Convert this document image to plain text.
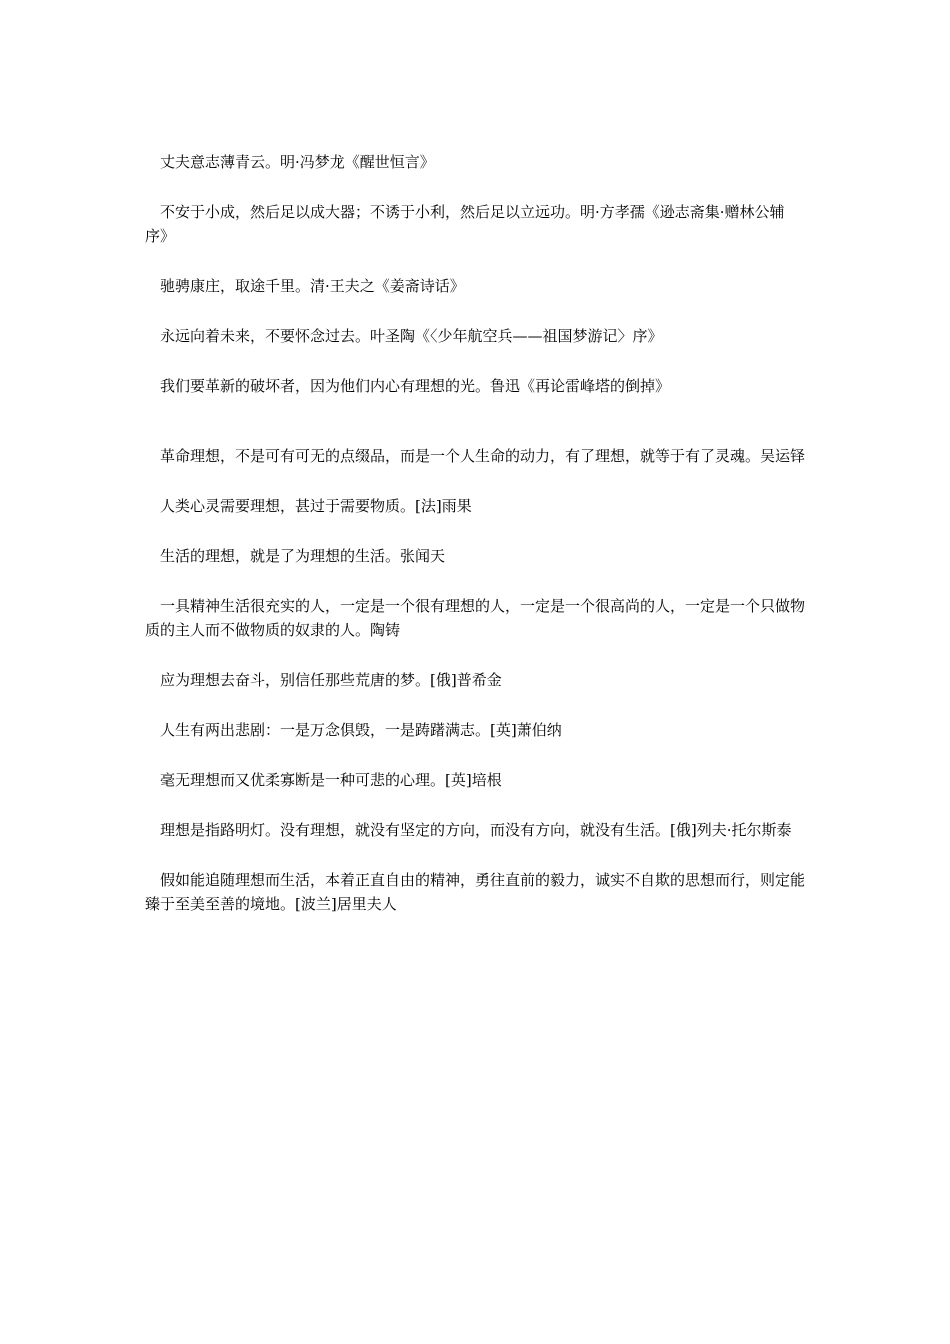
丈夫意志薄青云。明·冯梦龙《醒世恒言》

不安于小成，然后足以成大器；不诱于小利，然后足以立远功。明·方孝孺《逊志斋集·赠林公辅序》

驰骋康庄，取途千里。清·王夫之《姜斋诗话》

永远向着未来，不要怀念过去。叶圣陶《〈少年航空兵——祖国梦游记〉序》

我们要革新的破坏者，因为他们内心有理想的光。鲁迅《再论雷峰塔的倒掉》

革命理想，不是可有可无的点缀品，而是一个人生命的动力，有了理想，就等于有了灵魂。吴运铎

人类心灵需要理想，甚过于需要物质。[法]雨果

生活的理想，就是了为理想的生活。张闻天

一具精神生活很充实的人，一定是一个很有理想的人，一定是一个很高尚的人，一定是一个只做物质的主人而不做物质的奴隶的人。陶铸

应为理想去奋斗，别信任那些荒唐的梦。[俄]普希金

人生有两出悲剧：一是万念俱毁，一是踌躇满志。[英]萧伯纳

毫无理想而又优柔寡断是一种可悲的心理。[英]培根

理想是指路明灯。没有理想，就没有坚定的方向，而没有方向，就没有生活。[俄]列夫·托尔斯泰

假如能追随理想而生活，本着正直自由的精神，勇往直前的毅力，诚实不自欺的思想而行，则定能臻于至美至善的境地。[波兰]居里夫人
